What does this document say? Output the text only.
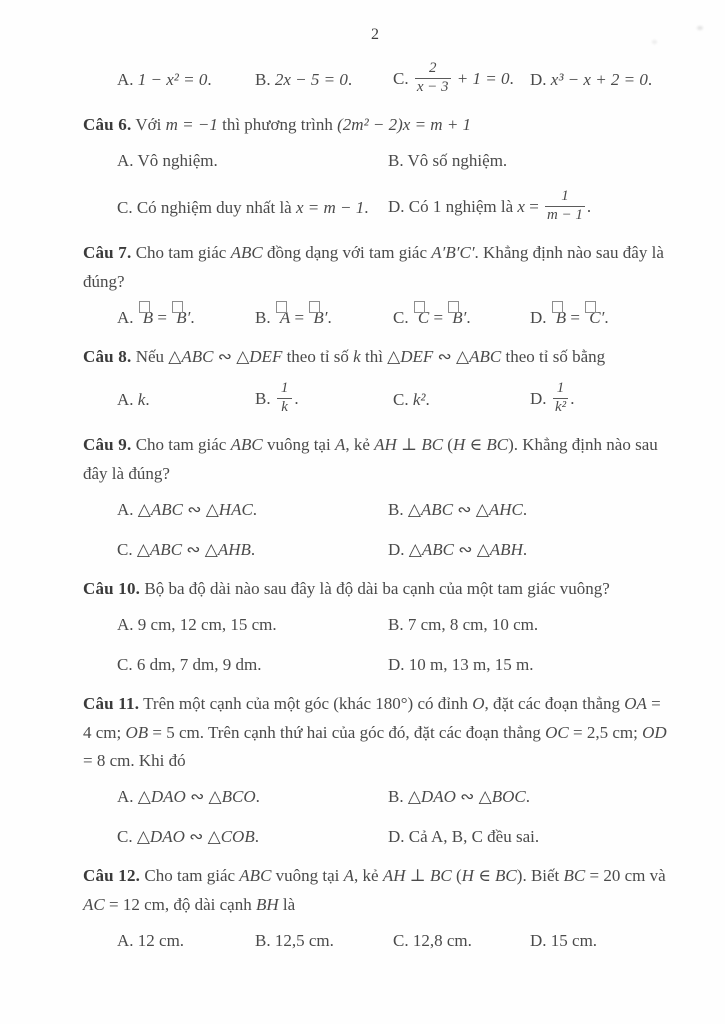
2
A. 1 − x² = 0.	B. 2x − 5 = 0.	C. $\frac{2}{x - 3} + 1 = 0$. D. x³ − x + 2 = 0.

Câu 6. Với m = −1 thì phương trình (2m² − 2)x = m + 1

A. Vô nghiệm.	B. Vô số nghiệm.
C. Có nghiệm duy nhất là x = m − 1.	D. Có 1 nghiệm là $x = \frac{1}{m - 1}$ .

Câu 7. Cho tam giác ABC đồng dạng với tam giác A′B′C′. Khẳng định nào sau đây là đúng?

A.
B =
B′.	B.
A =
B′.	C.
C =
B′.	D.
B =
C′.

Câu 8. Nếu △ABC ∾ △DEF theo tỉ số k thì △DEF ∾ △ABC theo tỉ số bằng

A. k.	B. $\frac{1}{k}$ .	C. k².	D. $\frac{1}{\text{k²}}$ .

Câu 9. Cho tam giác ABC vuông tại A, kẻ AH ⊥ BC (H ∈ BC). Khẳng định nào sau đây là đúng?

A. △ABC ∾ △HAC.	B. △ABC ∾ △AHC.
C. △ABC ∾ △AHB.	D. △ABC ∾ △ABH.

Câu 10. Bộ ba độ dài nào sau đây là độ dài ba cạnh của một tam giác vuông?

A. 9 cm, 12 cm, 15 cm.	B. 7 cm, 8 cm, 10 cm.
C. 6 dm, 7 dm, 9 dm.	D. 10 m, 13 m, 15 m.

Câu 11. Trên một cạnh của một góc (khác 180°) có đỉnh O, đặt các đoạn thẳng OA = 4 cm; OB = 5 cm. Trên cạnh thứ hai của góc đó, đặt các đoạn thẳng OC = 2,5 cm; OD = 8 cm. Khi đó

A. △DAO ∾ △BCO.	B. △DAO ∾ △BOC.
C. △DAO ∾ △COB.	D. Cả A, B, C đều sai.

Câu 12. Cho tam giác ABC vuông tại A, kẻ AH ⊥ BC (H ∈ BC). Biết BC = 20 cm và AC = 12 cm, độ dài cạnh BH là

A. 12 cm.	B. 12,5 cm.	C. 12,8 cm.	D. 15 cm.
